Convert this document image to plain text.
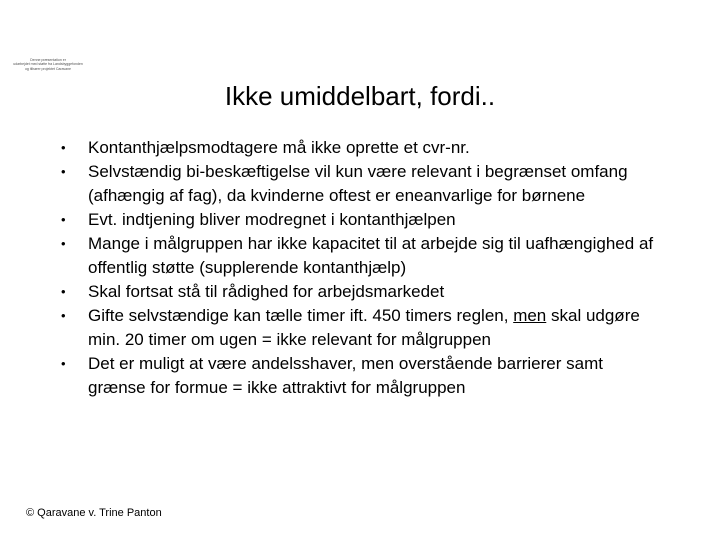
Denne præsentation er
udarbejdet med støtte fra Landsbyggefonden
og tilhører projektet Caravane
Ikke umiddelbart, fordi..
•	Kontanthjælpsmodtagere må ikke oprette et cvr-nr.
•	Selvstændig bi-beskæftigelse vil kun være relevant i begrænset omfang (afhængig af fag), da kvinderne oftest er eneanvarlige for børnene
•	Evt. indtjening bliver modregnet i kontanthjælpen
•	Mange i målgruppen har ikke kapacitet til at arbejde sig til uafhængighed af offentlig støtte (supplerende kontanthjælp)
•	Skal fortsat stå til rådighed for arbejdsmarkedet
•	Gifte selvstændige kan tælle timer ift. 450 timers reglen, men skal udgøre min. 20 timer om ugen = ikke relevant for målgruppen
•	Det er muligt at være andelsshaver, men overstående barrierer samt grænse for formue = ikke attraktivt for målgruppen

© Qaravane v. Trine Panton
